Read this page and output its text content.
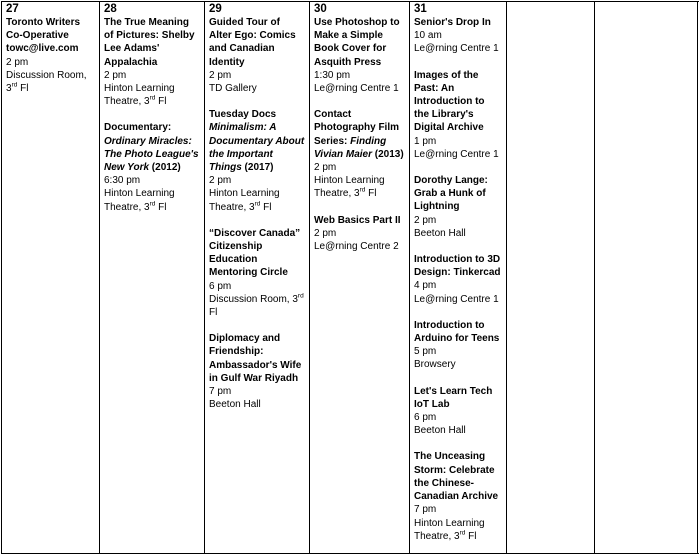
27
Toronto Writers Co-Operative towc@live.com
2 pm
Discussion Room, 3rd Fl
28
The True Meaning of Pictures: Shelby Lee Adams' Appalachia
2 pm
Hinton Learning Theatre, 3rd Fl
Documentary: Ordinary Miracles: The Photo League's New York (2012)
6:30 pm
Hinton Learning Theatre, 3rd Fl
29
Guided Tour of Alter Ego: Comics and Canadian Identity
2 pm
TD Gallery
Tuesday Docs Minimalism: A Documentary About the Important Things (2017)
2 pm
Hinton Learning Theatre, 3rd Fl
“Discover Canada” Citizenship Education Mentoring Circle
6 pm
Discussion Room, 3rd Fl
Diplomacy and Friendship: Ambassador's Wife in Gulf War Riyadh
7 pm
Beeton Hall
30
Use Photoshop to Make a Simple Book Cover for Asquith Press
1:30 pm
Le@rning Centre 1
Contact Photography Film Series: Finding Vivian Maier (2013)
2 pm
Hinton Learning Theatre, 3rd Fl
Web Basics Part II
2 pm
Le@rning Centre 2
31
Senior's Drop In
10 am
Le@rning Centre 1
Images of the Past: An Introduction to the Library's Digital Archive
1 pm
Le@rning Centre 1
Dorothy Lange: Grab a Hunk of Lightning
2 pm
Beeton Hall
Introduction to 3D Design: Tinkercad
4 pm
Le@rning Centre 1
Introduction to Arduino for Teens
5 pm
Browsery
Let's Learn Tech IoT Lab
6 pm
Beeton Hall
The Unceasing Storm: Celebrate the Chinese-Canadian Archive
7 pm
Hinton Learning Theatre, 3rd Fl
